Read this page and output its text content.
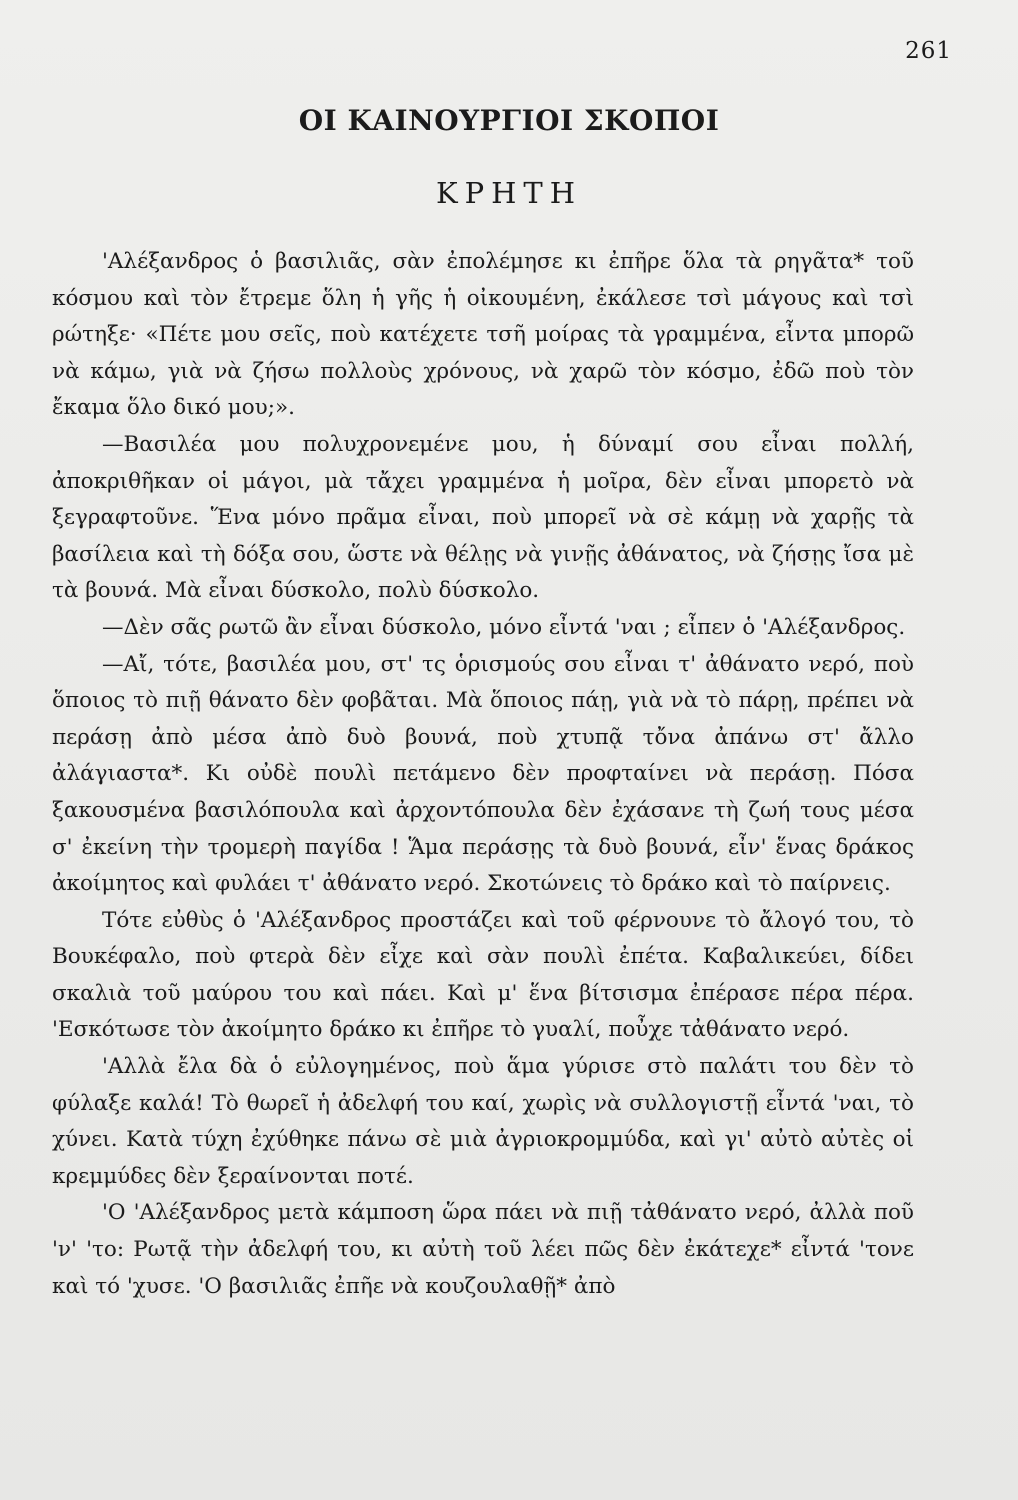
261
ΟΙ ΚΑΙΝΟΥΡΓΙΟΙ ΣΚΟΠΟΙ
ΚΡΗΤΗ

'Αλέξανδρος ὁ βασιλιᾶς, σὰν ἐπολέμησε κι ἐπῆρε ὅλα τὰ ρηγᾶτα* τοῦ κόσμου καὶ τὸν ἔτρεμε ὅλη ἡ γῆς ἡ οἰκουμένη, ἐκάλεσε τσὶ μάγους καὶ τσὶ ρώτηξε· «Πέτε μου σεῖς, ποὺ κατέχετε τσῆ μοίρας τὰ γραμμένα, εἶντα μπορῶ νὰ κάμω, γιὰ νὰ ζήσω πολλοὺς χρόνους, νὰ χαρῶ τὸν κόσμο, ἐδῶ ποὺ τὸν ἔκαμα ὅλο δικό μου;».

—Βασιλέα μου πολυχρονεμένε μου, ἡ δύναμί σου εἶναι πολλή, ἀποκριθῆκαν οἱ μάγοι, μὰ τἄχει γραμμένα ἡ μοῖρα, δὲν εἶναι μπορετὸ νὰ ξεγραφτοῦνε. Ἕνα μόνο πρᾶμα εἶναι, ποὺ μπορεῖ νὰ σὲ κάμῃ νὰ χαρῇς τὰ βασίλεια καὶ τὴ δόξα σου, ὥστε νὰ θέλῃς νὰ γινῇς ἀθάνατος, νὰ ζήσῃς ἴσα μὲ τὰ βουνά. Μὰ εἶναι δύσκολο, πολὺ δύσκολο.

—Δὲν σᾶς ρωτῶ ἂν εἶναι δύσκολο, μόνο εἶντά 'ναι ; εἶπεν ὁ 'Αλέξανδρος.

—Αἴ, τότε, βασιλέα μου, στ' τς ὁρισμούς σου εἶναι τ' ἀθάνατο νερό, ποὺ ὅποιος τὸ πιῇ θάνατο δὲν φοβᾶται. Μὰ ὅποιος πάῃ, γιὰ νὰ τὸ πάρῃ, πρέπει νὰ περάσῃ ἀπὸ μέσα ἀπὸ δυὸ βουνά, ποὺ χτυπᾷ τὄνα ἀπάνω στ' ἄλλο ἀλάγιαστα*. Κι οὐδὲ πουλὶ πετάμενο δὲν προφταίνει νὰ περάσῃ. Πόσα ξακουσμένα βασιλόπουλα καὶ ἀρχοντόπουλα δὲν ἐχάσανε τὴ ζωή τους μέσα σ' ἐκείνη τὴν τρομερὴ παγίδα ! Ἅμα περάσῃς τὰ δυὸ βουνά, εἶν' ἕνας δράκος ἀκοίμητος καὶ φυλάει τ' ἀθάνατο νερό. Σκοτώνεις τὸ δράκο καὶ τὸ παίρνεις.

Τότε εὐθὺς ὁ 'Αλέξανδρος προστάζει καὶ τοῦ φέρνουνε τὸ ἄλογό του, τὸ Βουκέφαλο, ποὺ φτερὰ δὲν εἶχε καὶ σὰν πουλὶ ἐπέτα. Καβαλικεύει, δίδει σκαλιὰ τοῦ μαύρου του καὶ πάει. Καὶ μ' ἕνα βίτσισμα ἐπέρασε πέρα πέρα. 'Εσκότωσε τὸν ἀκοίμητο δράκο κι ἐπῆρε τὸ γυαλί, ποὖχε τἀθάνατο νερό.

'Αλλὰ ἔλα δὰ ὁ εὐλογημένος, ποὺ ἅμα γύρισε στὸ παλάτι του δὲν τὸ φύλαξε καλά! Τὸ θωρεῖ ἡ ἀδελφή του καί, χωρὶς νὰ συλλογιστῇ εἶντά 'ναι, τὸ χύνει. Κατὰ τύχη ἐχύθηκε πάνω σὲ μιὰ ἀγριοκρομμύδα, καὶ γι' αὐτὸ αὐτὲς οἱ κρεμμύδες δὲν ξεραίνονται ποτέ.

'Ο 'Αλέξανδρος μετὰ κάμποση ὥρα πάει νὰ πιῇ τἀθάνατο νερό, ἀλλὰ ποῦ 'ν' 'το: Ρωτᾷ τὴν ἀδελφή του, κι αὐτὴ τοῦ λέει πῶς δὲν ἐκάτεχε* εἶντά 'τονε καὶ τό 'χυσε. 'Ο βασιλιᾶς ἐπῆε νὰ κουζουλαθῇ* ἀπὸ
